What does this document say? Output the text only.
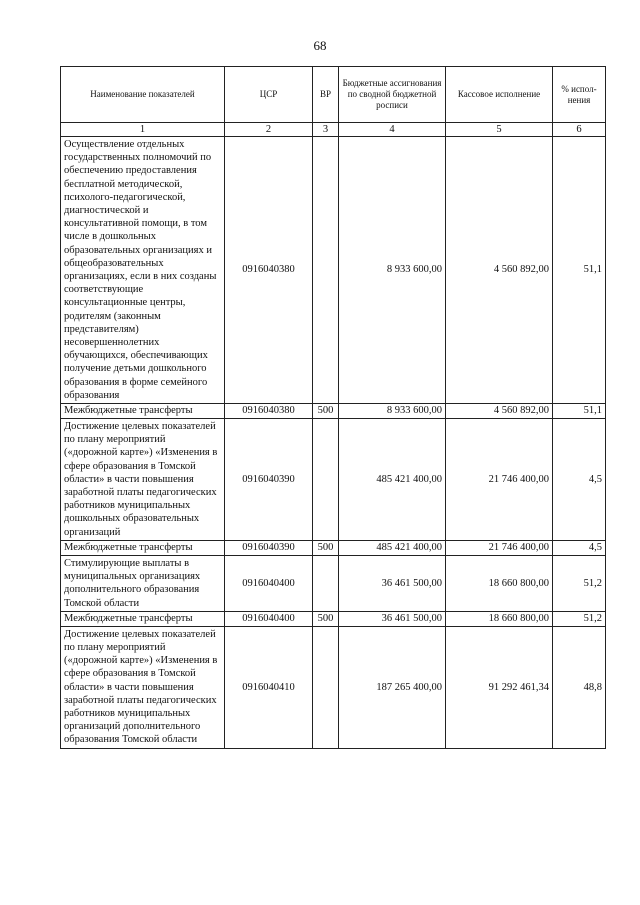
68
Наименование показателей	ЦСР	ВР	Бюджетные ассигнования по сводной бюджетной росписи	Кассовое исполнение	% испол- нения
1	2	3	4	5	6
Осуществление отдельных государственных полномочий по обеспечению предоставления бесплатной методической, психолого-педагогической, диагностической и консультативной помощи, в том числе в дошкольных образовательных организациях и общеобразовательных организациях, если в них созданы соответствующие консультационные центры, родителям (законным представителям) несовершеннолетних обучающихся, обеспечивающих получение детьми дошкольного образования в форме семейного образования	0916040380		8 933 600,00	4 560 892,00	51,1
Межбюджетные трансферты	0916040380	500	8 933 600,00	4 560 892,00	51,1
Достижение целевых показателей по плану мероприятий («дорожной карте») «Изменения в сфере образования в Томской области» в части повышения заработной платы педагогических работников муниципальных дошкольных образовательных организаций	0916040390		485 421 400,00	21 746 400,00	4,5
Межбюджетные трансферты	0916040390	500	485 421 400,00	21 746 400,00	4,5
Стимулирующие выплаты в муниципальных организациях дополнительного образования Томской области	0916040400		36 461 500,00	18 660 800,00	51,2
Межбюджетные трансферты	0916040400	500	36 461 500,00	18 660 800,00	51,2
Достижение целевых показателей по плану мероприятий («дорожной карте») «Изменения в сфере образования в Томской области» в части повышения заработной платы педагогических работников муниципальных организаций дополнительного образования Томской области	0916040410		187 265 400,00	91 292 461,34	48,8
